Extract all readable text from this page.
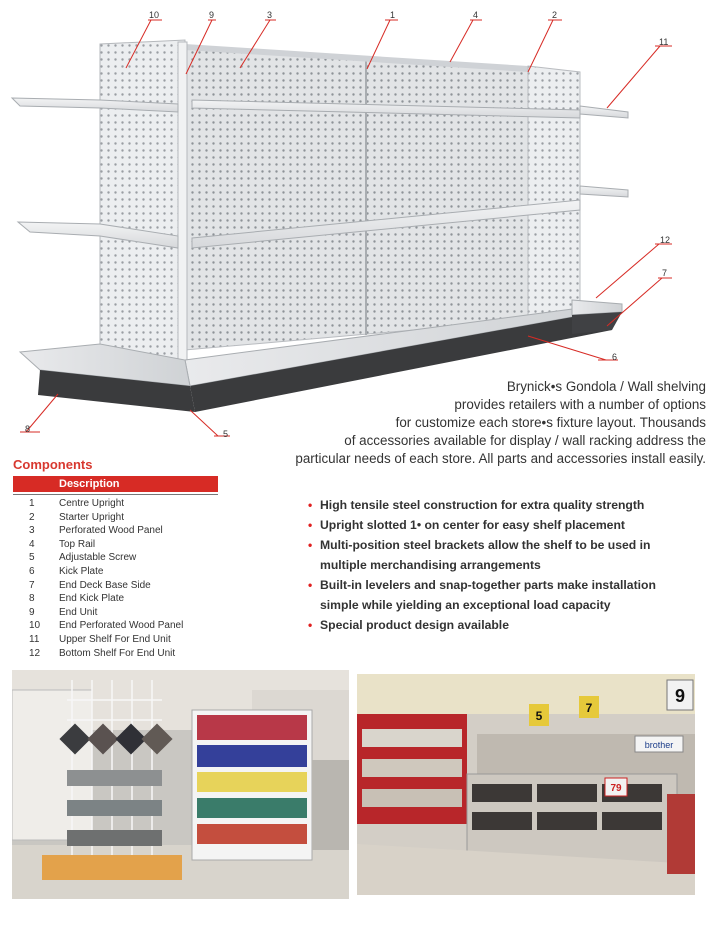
10	9	3	1	4	2
11
12
7
6
8	5
Brynick•s Gondola / Wall shelving
provides retailers with a number of options
for customize each store•s fixture layout. Thousands
of accessories available for display / wall racking address the
particular needs of each store. All parts and accessories install easily.
Components
Description
1	Centre Upright
2	Starter Upright
3	Perforated Wood Panel
4	Top Rail
5	Adjustable Screw
6	Kick Plate
7	End Deck Base Side
8	End Kick Plate
9	End Unit
10	End Perforated Wood Panel
11	Upper Shelf For End Unit
12	Bottom Shelf For End Unit
• High tensile steel construction for extra quality strength
• Upright slotted 1• on center for easy shelf placement
• Multi-position steel brackets allow the shelf to be used in
multiple merchandising arrangements
• Built-in levelers and snap-together parts make installation
simple while yielding an exceptional load capacity
• Special product design available
9
5
7
brother
79
